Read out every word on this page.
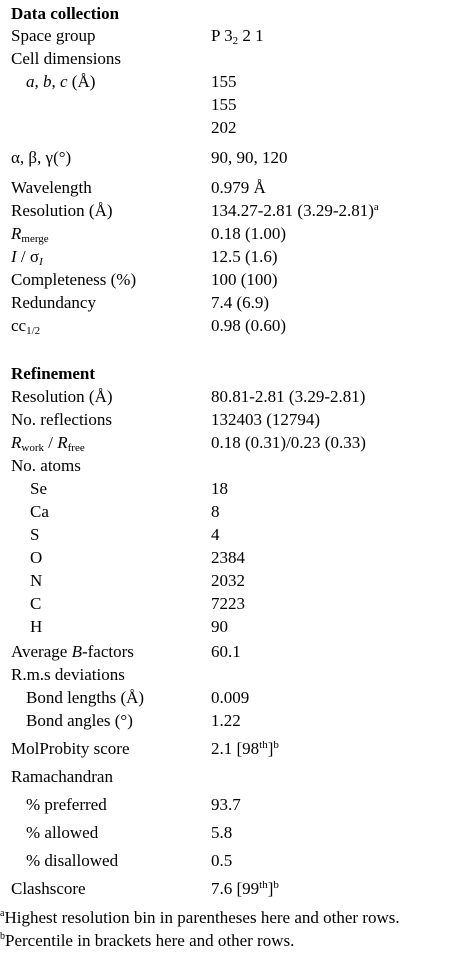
Data collection
Space group	P $3_2$ 2 1
Cell dimensions
a, b, c (Å)	155
155
202
α, β, γ(°)	90, 90, 120
Wavelength	0.979 Å
Resolution (Å)	134.27-2.81 $(3.29-2.81)^a$
$R_{merge}$	0.18 (1.00)
I / $\sigma_I$	12.5 (1.6)
Completeness (%)	100 (100)
Redundancy	7.4 (6.9)
$cc_{1/2}$	0.98 (0.60)
Refinement
Resolution (Å)	80.81-2.81 (3.29-2.81)
No. reflections	132403 (12794)
$R_{work} / R_{free}$	0.18 (0.31)/0.23 (0.33)
No. atoms
Se	18
Ca	8
S	4
O	2384
N	2032
C	7223
H	90
Average B-factors	60.1
R.m.s deviations
Bond lengths (Å)	0.009
Bond angles (°)	1.22
MolProbity score	2.1 $[98th]^b$
Ramachandran
% preferred	93.7
% allowed	5.8
% disallowed	0.5
Clashscore	7.6 $[99th]^b$
$^a$Highest resolution bin in parentheses here and other rows.
$^b$Percentile in brackets here and other rows.
